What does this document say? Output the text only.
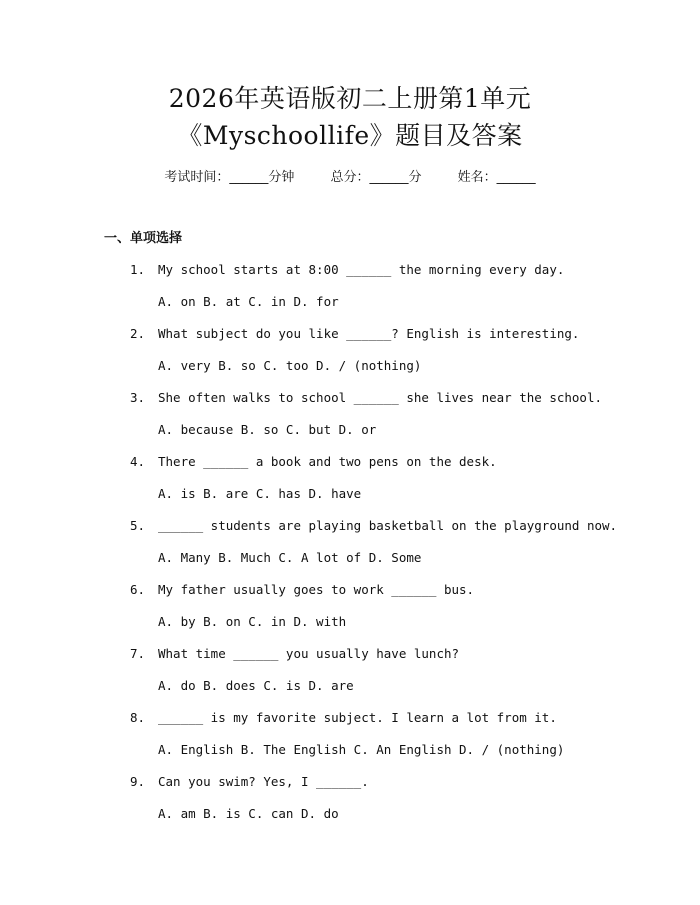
2026年英语版初二上册第1单元
《Myschoollife》题目及答案
考试时间：______分钟	总分：______分	姓名：______
一、单项选择
1. My school starts at 8:00 ______ the morning every day.
A. on B. at C. in D. for
2. What subject do you like ______? English is interesting.
A. very B. so C. too D. / (nothing)
3. She often walks to school ______ she lives near the school.
A. because B. so C. but D. or
4. There ______ a book and two pens on the desk.
A. is B. are C. has D. have
5. ______ students are playing basketball on the playground now.
A. Many B. Much C. A lot of D. Some
6. My father usually goes to work ______ bus.
A. by B. on C. in D. with
7. What time ______ you usually have lunch?
A. do B. does C. is D. are
8. ______ is my favorite subject. I learn a lot from it.
A. English B. The English C. An English D. / (nothing)
9. Can you swim? Yes, I ______.
A. am B. is C. can D. do
